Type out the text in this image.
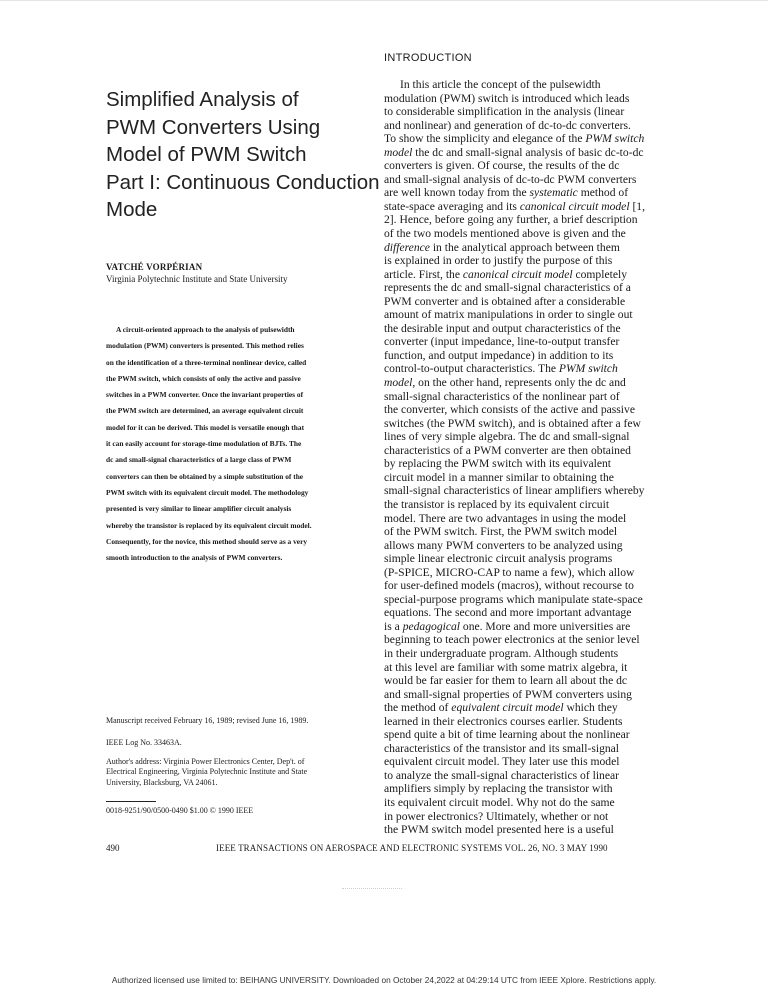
INTRODUCTION
Simplified Analysis of
PWM Converters Using
Model of PWM Switch
Part I: Continuous Conduction
Mode
VATCHÉ VORPÉRIAN
Virginia Polytechnic Institute and State University
A circuit-oriented approach to the analysis of pulsewidth
modulation (PWM) converters is presented. This method relies
on the identification of a three-terminal nonlinear device, called
the PWM switch, which consists of only the active and passive
switches in a PWM converter. Once the invariant properties of
the PWM switch are determined, an average equivalent circuit
model for it can be derived. This model is versatile enough that
it can easily account for storage-time modulation of BJTs. The
dc and small-signal characteristics of a large class of PWM
converters can then be obtained by a simple substitution of the
PWM switch with its equivalent circuit model. The methodology
presented is very similar to linear amplifier circuit analysis
whereby the transistor is replaced by its equivalent circuit model.
Consequently, for the novice, this method should serve as a very
smooth introduction to the analysis of PWM converters.
Manuscript received February 16, 1989; revised June 16, 1989.
IEEE Log No. 33463A.
Author's address: Virginia Power Electronics Center, Dep't. of
Electrical Engineering, Virginia Polytechnic Institute and State
University, Blacksburg, VA 24061.
0018-9251/90/0500-0490 $1.00 © 1990 IEEE
In this article the concept of the pulsewidth
modulation (PWM) switch is introduced which leads
to considerable simplification in the analysis (linear
and nonlinear) and generation of dc-to-dc converters.
To show the simplicity and elegance of the PWM switch
model the dc and small-signal analysis of basic dc-to-dc
converters is given. Of course, the results of the dc
and small-signal analysis of dc-to-dc PWM converters
are well known today from the systematic method of
state-space averaging and its canonical circuit model [1,
2]. Hence, before going any further, a brief description
of the two models mentioned above is given and the
difference in the analytical approach between them
is explained in order to justify the purpose of this
article. First, the canonical circuit model completely
represents the dc and small-signal characteristics of a
PWM converter and is obtained after a considerable
amount of matrix manipulations in order to single out
the desirable input and output characteristics of the
converter (input impedance, line-to-output transfer
function, and output impedance) in addition to its
control-to-output characteristics. The PWM switch
model, on the other hand, represents only the dc and
small-signal characteristics of the nonlinear part of
the converter, which consists of the active and passive
switches (the PWM switch), and is obtained after a few
lines of very simple algebra. The dc and small-signal
characteristics of a PWM converter are then obtained
by replacing the PWM switch with its equivalent
circuit model in a manner similar to obtaining the
small-signal characteristics of linear amplifiers whereby
the transistor is replaced by its equivalent circuit
model. There are two advantages in using the model
of the PWM switch. First, the PWM switch model
allows many PWM converters to be analyzed using
simple linear electronic circuit analysis programs
(P-SPICE, MICRO-CAP to name a few), which allow
for user-defined models (macros), without recourse to
special-purpose programs which manipulate state-space
equations. The second and more important advantage
is a pedagogical one. More and more universities are
beginning to teach power electronics at the senior level
in their undergraduate program. Although students
at this level are familiar with some matrix algebra, it
would be far easier for them to learn all about the dc
and small-signal properties of PWM converters using
the method of equivalent circuit model which they
learned in their electronics courses earlier. Students
spend quite a bit of time learning about the nonlinear
characteristics of the transistor and its small-signal
equivalent circuit model. They later use this model
to analyze the small-signal characteristics of linear
amplifiers simply by replacing the transistor with
its equivalent circuit model. Why not do the same
in power electronics? Ultimately, whether or not
the PWM switch model presented here is a useful
490	IEEE TRANSACTIONS ON AEROSPACE AND ELECTRONIC SYSTEMS VOL. 26, NO. 3 MAY 1990
Authorized licensed use limited to: BEIHANG UNIVERSITY. Downloaded on October 24,2022 at 04:29:14 UTC from IEEE Xplore. Restrictions apply.
